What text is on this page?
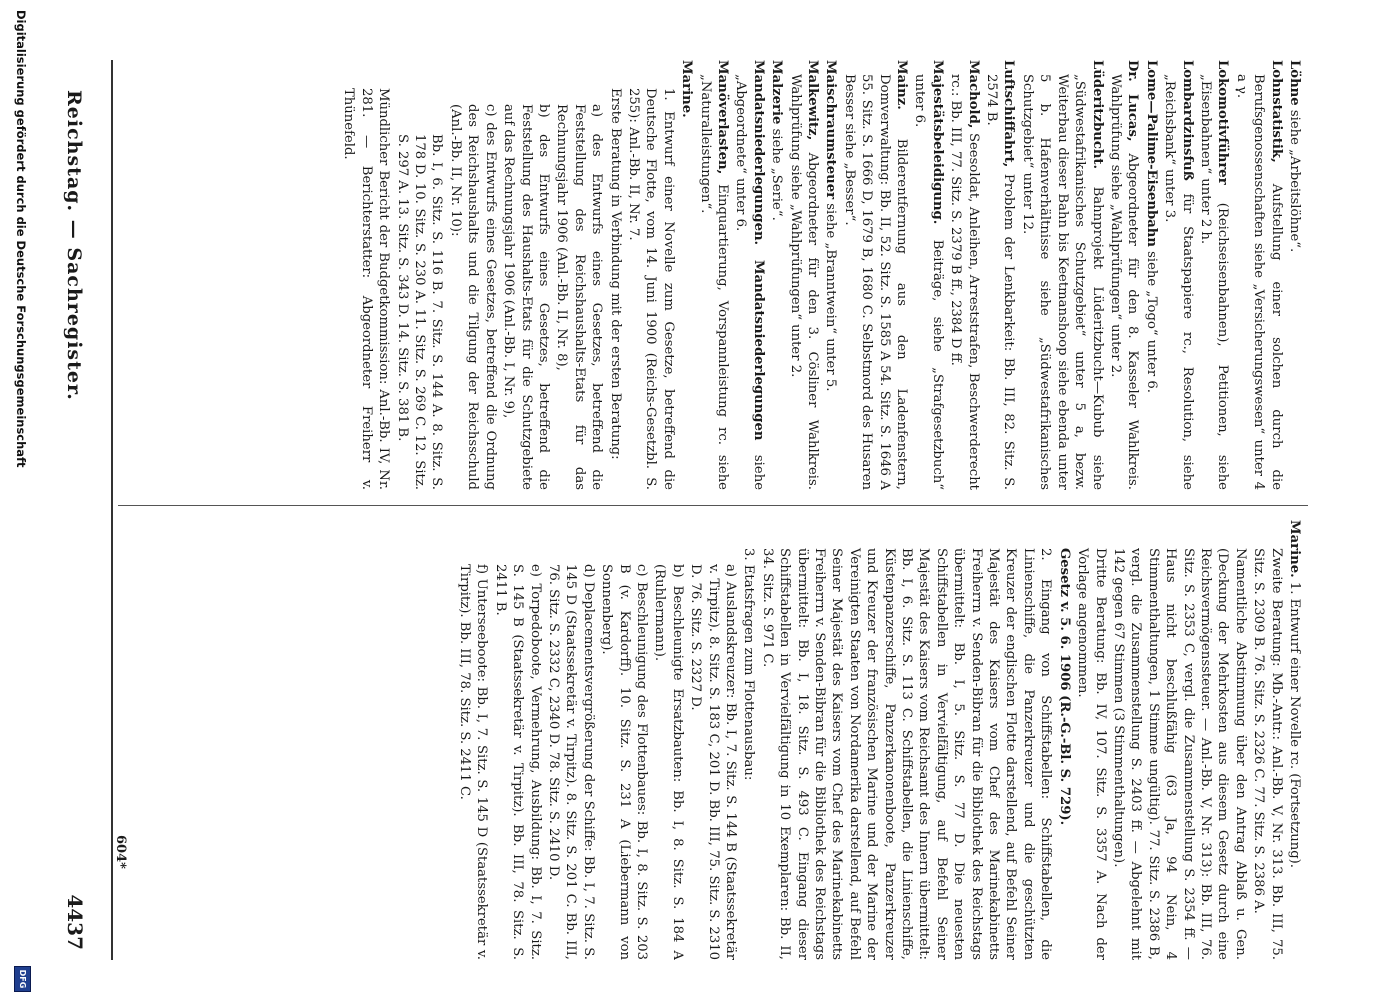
Reichstag. — Sachregister.
4437
Löhne siehe „Arbeitslöhne“.
Lohnstatistik, Aufstellung einer solchen durch die Berufsgenossenschaften siehe „Versicherungswesen“ unter 4 a γ.
Lokomotivführer (Reichseisenbahnen), Petitionen, siehe „Eisenbahnen“ unter 2 h.
Lombardzinsfuß für Staatspapiere rc., Resolution, siehe „Reichsbank“ unter 3.
Lome—Palime-Eisenbahn siehe „Togo“ unter 6.
Dr. Lucas, Abgeordneter für den 8. Kasseler Wahlkreis. Wahlprüfung siehe „Wahlprüfungen“ unter 2.
Lüderitzbucht. Bahnprojekt Lüderitzbucht—Kubub siehe „Südwestafrikanisches Schutzgebiet“ unter 5 a, bezw. Weiterbau dieser Bahn bis Keetmanshoop siehe ebenda unter 5 b. Hafenverhältnisse siehe „Südwestafrikanisches Schutzgebiet“ unter 12.
Luftschiffahrt, Problem der Lenkbarkeit: Bb. III, 82. Sitz. S. 2574 B.
Machold, Seesoldat, Anleihen, Arreststrafen, Beschwerderecht rc.: Bb. III, 77. Sitz. S. 2379 B ff., 2384 D ff.
Majestätsbeleidigung. Beiträge, siehe „Strafgesetzbuch“ unter 6.
Mainz. Bilderentfernung aus den Ladenfenstern, Domverwaltung: Bb. II, 52. Sitz. S. 1585 A 54. Sitz. S. 1646 A 55. Sitz. S. 1666 D, 1679 B, 1680 C. Selbstmord des Husaren Besser siehe „Besser“.
Maischraumsteuer siehe „Branntwein“ unter 5.
Malkewitz, Abgeordneter für den 3. Cösliner Wahlkreis. Wahlprüfung siehe „Wahlprüfungen“ unter 2.
Malzerie siehe „Serie“.
Mandatsniederlegungen. Mandatsniederlegungen siehe „Abgeordnete“ unter 6.
Manöverlasten, Einquartierung, Vorspannleistung rc. siehe „Naturalleistungen“.
Marine.
1. Entwurf einer Novelle zum Gesetze, betreffend die Deutsche Flotte, vom 14. Juni 1900 (Reichs-Gesetzbl. S. 255): Anl.-Bb. II, Nr. 7.
Erste Beratung in Verbindung mit der ersten Beratung:
a) des Entwurfs eines Gesetzes, betreffend die Feststellung des Reichshaushalts-Etats für das Rechnungsjahr 1906 (Anl.-Bb. II, Nr. 8),
b) des Entwurfs eines Gesetzes, betreffend die Feststellung des Haushalts-Etats für die Schutzgebiete auf das Rechnungsjahr 1906 (Anl.-Bb. I, Nr. 9),
c) des Entwurfs eines Gesetzes, betreffend die Ordnung des Reichshaushalts und die Tilgung der Reichsschuld (Anl.-Bb. II, Nr. 10):
Bb. I, 6. Sitz. S. 116 B. 7. Sitz. S. 144 A. 8. Sitz. S. 178 D. 10. Sitz. S. 230 A. 11. Sitz. S. 269 C. 12. Sitz. S. 297 A. 13. Sitz. S. 343 D. 14. Sitz. S. 381 B.
Mündlicher Bericht der Budgetkommission: Anl.-Bb. IV, Nr. 281. — Berichterstatter: Abgeordneter Freiherr v. Thünefeld.
Marine. 1. Entwurf einer Novelle rc. (Fortsetzung).
Zweite Beratung: Mb.-Antr.: Anl.-Bb. V, Nr. 313. Bb. III, 75. Sitz. S. 2309 B. 76. Sitz. S. 2326 C. 77. Sitz. S. 2386 A.
Namentliche Abstimmung über den Antrag Ablaß u. Gen. (Deckung der Mehrkosten aus diesem Gesetz durch eine Reichsvermögenssteuer. — Anl.-Bb. V, Nr. 313): Bb. III, 76. Sitz. S. 2353 C, vergl. die Zusammenstellung S. 2354 ff. — Haus nicht beschlußfähig (63 Ja, 94 Nein, 4 Stimmenthaltungen, 1 Stimme ungültig). 77. Sitz. S. 2386 B, vergl. die Zusammenstellung S. 2403 ff. — Abgelehnt mit 142 gegen 67 Stimmen (3 Stimmenthaltungen).
Dritte Beratung: Bb. IV, 107. Sitz. S. 3357 A. Nach der Vorlage angenommen.
Gesetz v. 5. 6. 1906 (R.-G.-Bl. S. 729).
2. Eingang von Schiffstabellen: Schiffstabellen, die Linienschiffe, die Panzerkreuzer und die geschützten Kreuzer der englischen Flotte darstellend, auf Befehl Seiner Majestät des Kaisers vom Chef des Marinekabinetts Freiherrn v. Senden-Bibran für die Bibliothek des Reichstags übermittelt: Bb. I, 5. Sitz. S. 77 D. Die neuesten Schiffstabellen in Vervielfältigung, auf Befehl Seiner Majestät des Kaisers vom Reichsamt des Innern übermittelt: Bb. I, 6. Sitz. S. 113 C. Schiffstabellen, die Linienschiffe, Küstenpanzerschiffe, Panzerkanonenboote, Panzerkreuzer und Kreuzer der französischen Marine und der Marine der Vereinigten Staaten von Nordamerika darstellend, auf Befehl Seiner Majestät des Kaisers vom Chef des Marinekabinetts Freiherrn v. Senden-Bibran für die Bibliothek des Reichstags übermittelt: Bb. I, 18. Sitz. S. 493 C. Eingang dieser Schiffstabellen in Vervielfältigung in 10 Exemplaren: Bb. II, 34. Sitz. S. 971 C.
3. Etatsfragen zum Flottenausbau:
a) Auslandskreuzer: Bb. I, 7. Sitz. S. 144 B (Staatssekretär v. Tirpitz). 8. Sitz. S. 183 C, 201 D. Bb. III, 75. Sitz. S. 2310 D. 76. Sitz. S. 2327 D.
b) Beschleunigte Ersatzbauten: Bb. I, 8. Sitz. S. 184 A (Ruhlermann).
c) Beschleunigung des Flottenbaues: Bb. I, 8. Sitz. S. 203 B (v. Kardorff). 10. Sitz. S. 231 A (Liebermann von Sonnenberg).
d) Deplacementsvergrößerung der Schiffe: Bb. I, 7. Sitz. S. 145 D (Staatssekretär v. Tirpitz). 8. Sitz. S. 201 C. Bb. III, 76. Sitz. S. 2332 C, 2340 D. 78. Sitz. S. 2410 D.
e) Torpedoboote, Vermehrung, Ausbildung: Bb. I, 7. Sitz. S. 145 B (Staatssekretär v. Tirpitz). Bb. III, 78. Sitz. S. 2411 B.
f) Unterseeboote: Bb. I, 7. Sitz. S. 145 D (Staatssekretär v. Tirpitz). Bb. III, 78. Sitz. S. 2411 C.
604*
Digitalisierung gefördert durch die Deutsche Forschungsgemeinschaft
DFG
